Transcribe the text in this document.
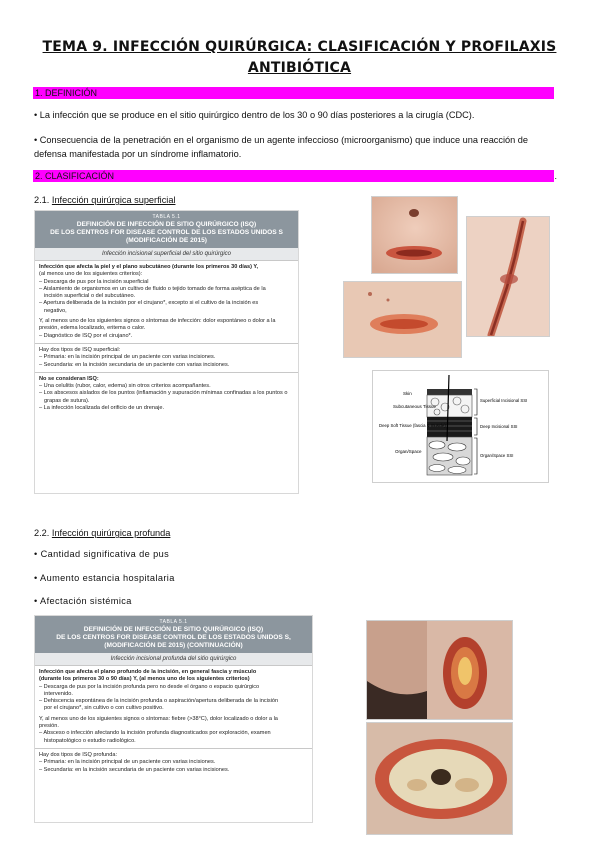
TEMA 9. INFECCIÓN QUIRÚRGICA: CLASIFICACIÓN Y PROFILAXIS
ANTIBIÓTICA
1. DEFINICIÓN
• La infección que se produce en el sitio quirúrgico dentro de los 30 o 90 días posteriores a la cirugía (CDC).
• Consecuencia de la penetración en el organismo de un agente infeccioso (microorganismo) que induce una reacción de defensa manifestada por un síndrome inflamatorio.
2. CLASIFICACIÓN	.
2.1. Infección quirúrgica superficial
TABLA 5.1
DEFINICIÓN DE INFECCIÓN DE SITIO QUIRÚRGICO (ISQ)
DE LOS CENTROS FOR DISEASE CONTROL DE LOS ESTADOS UNIDOS S
(MODIFICACIÓN DE 2015)
Infección incisional superficial del sitio quirúrgico
Infección que afecta la piel y el plano subcutáneo (durante los primeros 30 días) Y,
(al menos uno de los siguientes criterios):
– Descarga de pus por la incisión superficial
– Aislamiento de organismos en un cultivo de fluido o tejido tomado de forma aséptica de la
incisión superficial o del subcutáneo.
– Apertura deliberada de la incisión por el cirujano*, excepto si el cultivo de la incisión es
negativo,
Y, al menos uno de los siguientes signos o síntomas de infección: dolor espontáneo o dolor a la
presión, edema localizado, eritema o calor.
– Diagnóstico de ISQ por el cirujano*.
Hay dos tipos de ISQ superficial:
– Primaria: en la incisión principal de un paciente con varias incisiones.
– Secundaria: en la incisión secundaria de un paciente con varias incisiones.
No se consideran ISQ:
– Una celulitis (rubor, calor, edema) sin otros criterios acompañantes.
– Los abscesos aislados de los puntos (inflamación y supuración mínimas confinadas a los puntos o
grapas de sutura).
– La infección localizada del orificio de un drenaje.
Skin
Subcutaneous Tissue
Deep Soft Tissue (fascia & muscle)
Organ/Space
Superficial Incisional SSI
Deep Incisional SSI
Organ/Space SSI
2.2. Infección quirúrgica profunda
• Cantidad significativa de pus
• Aumento estancia hospitalaria
• Afectación sistémica
TABLA 5.1
DEFINICIÓN DE INFECCIÓN DE SITIO QUIRÚRGICO (ISQ)
DE LOS CENTROS FOR DISEASE CONTROL DE LOS ESTADOS UNIDOS S,
(MODIFICACIÓN DE 2015) (CONTINUACIÓN)
Infección incisional profunda del sitio quirúrgico
Infección que afecta el plano profundo de la incisión, en general fascia y músculo
(durante los primeros 30 o 90 días) Y, (al menos uno de los siguientes criterios)
– Descarga de pus por la incisión profunda pero no desde el órgano o espacio quirúrgico
intervenido.
– Dehiscencia espontánea de la incisión profunda o aspiración/apertura deliberada de la incisión
por el cirujano*, sin cultivo o con cultivo positivo.
Y, al menos uno de los siguientes signos o síntomas: fiebre (>38°C), dolor localizado o dolor a la
presión.
– Absceso o infección afectando la incisión profunda diagnosticados por exploración, examen
histopatológico o estudio radiológico.
Hay dos tipos de ISQ profunda:
– Primaria: en la incisión principal de un paciente con varias incisiones.
– Secundaria: en la incisión secundaria de un paciente con varias incisiones.
